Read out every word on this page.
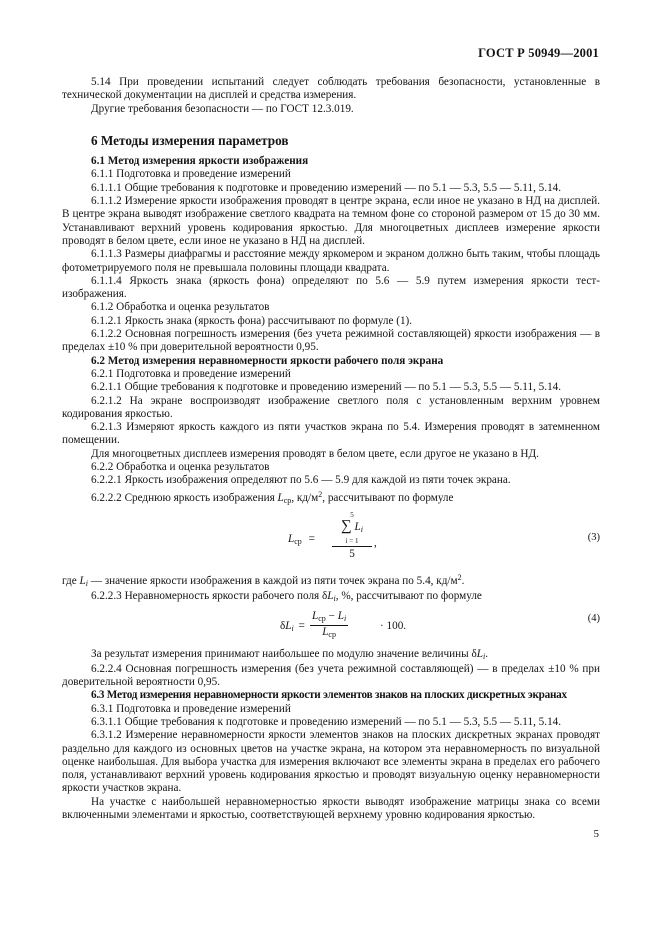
ГОСТ Р 50949—2001

5.14 При проведении испытаний следует соблюдать требования безопасности, установленные в технической документации на дисплей и средства измерения.

Другие требования безопасности — по ГОСТ 12.3.019.

6 Методы измерения параметров

6.1 Метод измерения яркости изображения

6.1.1 Подготовка и проведение измерений

6.1.1.1 Общие требования к подготовке и проведению измерений — по 5.1 — 5.3, 5.5 — 5.11, 5.14.

6.1.1.2 Измерение яркости изображения проводят в центре экрана, если иное не указано в НД на дисплей. В центре экрана выводят изображение светлого квадрата на темном фоне со стороной размером от 15 до 30 мм. Устанавливают верхний уровень кодирования яркостью. Для многоцветных дисплеев измерение яркости проводят в белом цвете, если иное не указано в НД на дисплей.

6.1.1.3 Размеры диафрагмы и расстояние между яркомером и экраном должно быть таким, чтобы площадь фотометрируемого поля не превышала половины площади квадрата.

6.1.1.4 Яркость знака (яркость фона) определяют по 5.6 — 5.9 путем измерения яркости тест-изображения.

6.1.2 Обработка и оценка результатов

6.1.2.1 Яркость знака (яркость фона) рассчитывают по формуле (1).

6.1.2.2 Основная погрешность измерения (без учета режимной составляющей) яркости изображения — в пределах ±10 % при доверительной вероятности 0,95.

6.2 Метод измерения неравномерности яркости рабочего поля экрана

6.2.1 Подготовка и проведение измерений

6.2.1.1 Общие требования к подготовке и проведению измерений — по 5.1 — 5.3, 5.5 — 5.11, 5.14.

6.2.1.2 На экране воспроизводят изображение светлого поля с установленным верхним уровнем кодирования яркостью.

6.2.1.3 Измеряют яркость каждого из пяти участков экрана по 5.4. Измерения проводят в затемненном помещении.

Для многоцветных дисплеев измерения проводят в белом цвете, если другое не указано в НД.

6.2.2 Обработка и оценка результатов

6.2.2.1 Яркость изображения определяют по 5.6 — 5.9 для каждой из пяти точек экрана.

6.2.2.2 Среднюю яркость изображения $L_{ср}$, $кд/м^2$, рассчитывают по формуле

$L_{ср}$ =
5
∑ $L_i$
i = 1
5
,	(3)

где $L_i$ — значение яркости изображения в каждой из пяти точек экрана по 5.4, $кд/м^2$.

6.2.2.3 Неравномерность яркости рабочего поля $\delta L_i$, %, рассчитывают по формуле

$\delta L_i$ =
$L_{ср} - L_i$
$L_{ср}$
· 100.
(4)

За результат измерения принимают наибольшее по модулю значение величины $\delta L_i$.

6.2.2.4 Основная погрешность измерения (без учета режимной составляющей) — в пределах ±10 % при доверительной вероятности 0,95.

6.3 Метод измерения неравномерности яркости элементов знаков на плоских дискретных экранах

6.3.1 Подготовка и проведение измерений

6.3.1.1 Общие требования к подготовке и проведению измерений — по 5.1 — 5.3, 5.5 — 5.11, 5.14.

6.3.1.2 Измерение неравномерности яркости элементов знаков на плоских дискретных экранах проводят раздельно для каждого из основных цветов на участке экрана, на котором эта неравномерность по визуальной оценке наибольшая. Для выбора участка для измерения включают все элементы экрана в пределах его рабочего поля, устанавливают верхний уровень кодирования яркостью и проводят визуальную оценку неравномерности яркости участков экрана.

На участке с наибольшей неравномерностью яркости выводят изображение матрицы знака со всеми включенными элементами и яркостью, соответствующей верхнему уровню кодирования яркостью.

5
